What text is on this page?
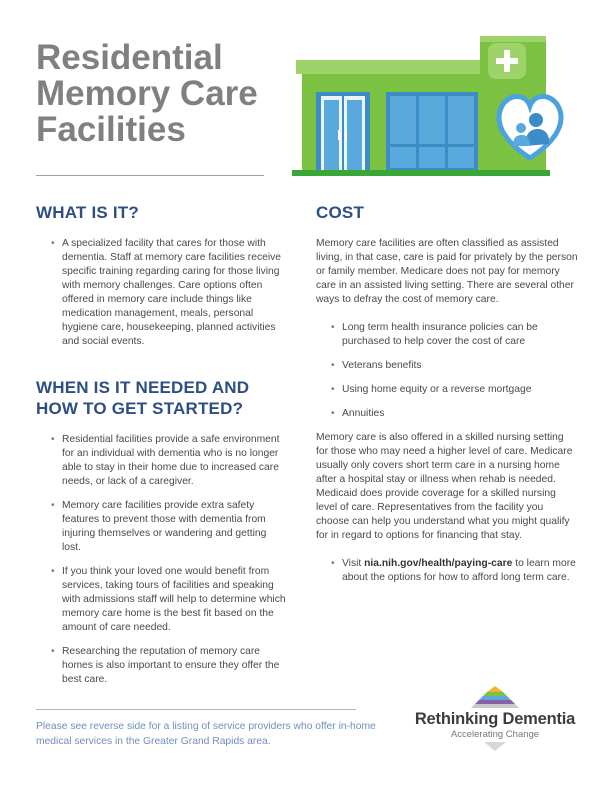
Residential Memory Care Facilities
WHAT IS IT?
• A specialized facility that cares for those with dementia. Staff at memory care facilities receive specific training regarding caring for those living with memory challenges. Care options often offered in memory care include things like medication management, meals, personal hygiene care, housekeeping, planned activities and social events.
WHEN IS IT NEEDED AND HOW TO GET STARTED?
• Residential facilities provide a safe environment for an individual with dementia who is no longer able to stay in their home due to increased care needs, or lack of a caregiver.
• Memory care facilities provide extra safety features to prevent those with dementia from injuring themselves or wandering and getting lost.
• If you think your loved one would benefit from services, taking tours of facilities and speaking with admissions staff will help to determine which memory care home is the best fit based on the amount of care needed.
• Researching the reputation of memory care homes is also important to ensure they offer the best care.
COST

Memory care facilities are often classified as assisted living, in that case, care is paid for privately by the person or family member. Medicare does not pay for memory care in an assisted living setting. There are several other ways to defray the cost of memory care.

• Long term health insurance policies can be purchased to help cover the cost of care
• Veterans benefits
• Using home equity or a reverse mortgage
• Annuities

Memory care is also offered in a skilled nursing setting for those who may need a higher level of care. Medicare usually only covers short term care in a nursing home after a hospital stay or illness when rehab is needed. Medicaid does provide coverage for a skilled nursing level of care. Representatives from the facility you choose can help you understand what you might qualify for in regard to options for financing that stay.

• Visit nia.nih.gov/health/paying-care to learn more about the options for how to afford long term care.
Please see reverse side for a listing of service providers who offer in-home medical services in the Greater Grand Rapids area.
Rethinking Dementia
Accelerating Change
